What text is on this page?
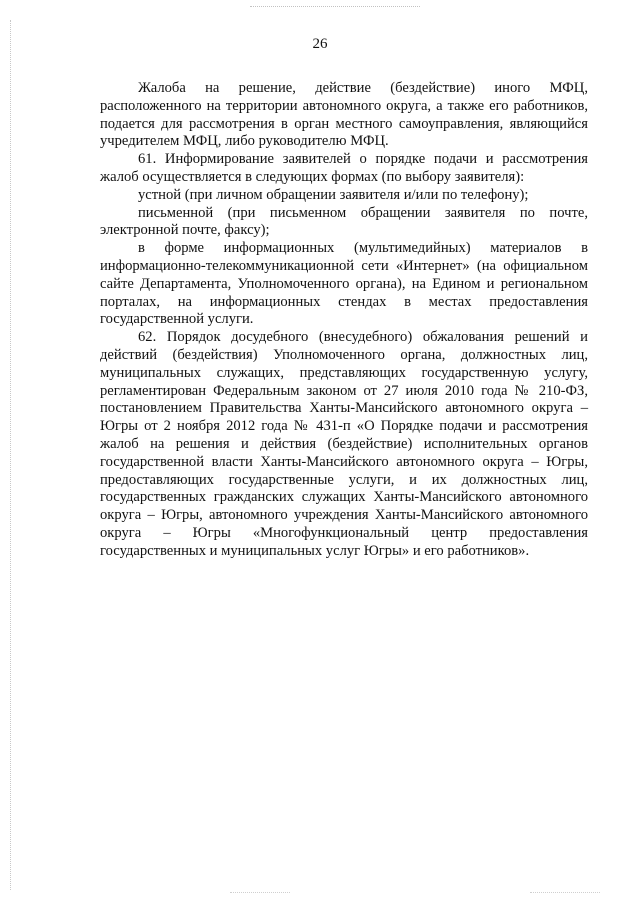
26

Жалоба на решение, действие (бездействие) иного МФЦ, расположенного на территории автономного округа, а также его работников, подается для рассмотрения в орган местного самоуправления, являющийся учредителем МФЦ, либо руководителю МФЦ.

61. Информирование заявителей о порядке подачи и рассмотрения жалоб осуществляется в следующих формах (по выбору заявителя):

устной (при личном обращении заявителя и/или по телефону);

письменной (при письменном обращении заявителя по почте, электронной почте, факсу);

в форме информационных (мультимедийных) материалов в информационно-телекоммуникационной сети «Интернет» (на официальном сайте Департамента, Уполномоченного органа), на Едином и региональном порталах, на информационных стендах в местах предоставления государственной услуги.

62. Порядок досудебного (внесудебного) обжалования решений и действий (бездействия) Уполномоченного органа, должностных лиц, муниципальных служащих, представляющих государственную услугу, регламентирован Федеральным законом от 27 июля 2010 года № 210-ФЗ, постановлением Правительства Ханты-Мансийского автономного округа – Югры от 2 ноября 2012 года № 431-п «О Порядке подачи и рассмотрения жалоб на решения и действия (бездействие) исполнительных органов государственной власти Ханты-Мансийского автономного округа – Югры, предоставляющих государственные услуги, и их должностных лиц, государственных гражданских служащих Ханты-Мансийского автономного округа – Югры, автономного учреждения Ханты-Мансийского автономного округа – Югры «Многофункциональный центр предоставления государственных и муниципальных услуг Югры» и его работников».
